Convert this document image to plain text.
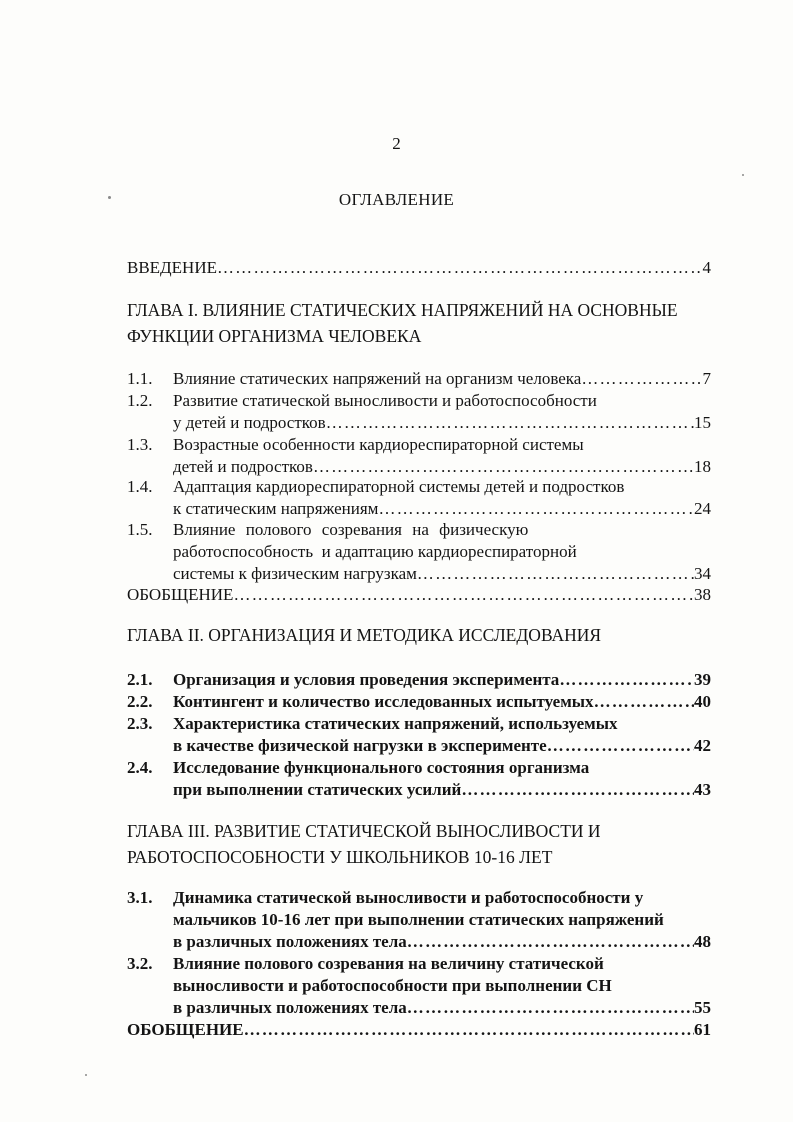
2
ОГЛАВЛЕНИЕ
ВВЕДЕНИЕ ……………………………………………………………………………………………………………………………………………………………………	4
ГЛАВА I. ВЛИЯНИЕ СТАТИЧЕСКИХ НАПРЯЖЕНИЙ НА ОСНОВНЫЕ
ФУНКЦИИ ОРГАНИЗМА ЧЕЛОВЕКА
1.1. Влияние статических напряжений на организм человека ……………………………………………………………………………………………………………………………………………………………………	7
1.2. Развитие статической выносливости и работоспособности
у детей и подростков ……………………………………………………………………………………………………………………………………………………………………	15
1.3. Возрастные особенности кардиореспираторной системы
детей и подростков ……………………………………………………………………………………………………………………………………………………………………	18
1.4. Адаптация кардиореспираторной системы детей и подростков
к статическим напряжениям ……………………………………………………………………………………………………………………………………………………………………	24
1.5. Влияние полового созревания на физическую
работоспособность  и адаптацию кардиореспираторной
системы к физическим нагрузкам ……………………………………………………………………………………………………………………………………………………………………	34
ОБОБЩЕНИЕ ……………………………………………………………………………………………………………………………………………………………………	38
ГЛАВА II. ОРГАНИЗАЦИЯ И МЕТОДИКА ИССЛЕДОВАНИЯ
2.1. Организация и условия проведения эксперимента ……………………………………………………………………………………………………………………………………………………………………	39
2.2. Контингент и количество исследованных испытуемых ……………………………………………………………………………………………………………………………………………………………………	40
2.3. Характеристика статических напряжений, используемых
в качестве физической нагрузки в эксперименте ……………………………………………………………………………………………………………………………………………………………………	42
2.4. Исследование функционального состояния организма
при выполнении статических усилий ……………………………………………………………………………………………………………………………………………………………………	43
ГЛАВА III. РАЗВИТИЕ СТАТИЧЕСКОЙ ВЫНОСЛИВОСТИ И
РАБОТОСПОСОБНОСТИ У ШКОЛЬНИКОВ 10-16 ЛЕТ
3.1. Динамика статической выносливости и работоспособности у
мальчиков 10-16 лет при выполнении статических напряжений
в различных положениях тела ……………………………………………………………………………………………………………………………………………………………………	48
3.2. Влияние полового созревания на величину статической
выносливости и работоспособности при выполнении СН
в различных положениях тела ……………………………………………………………………………………………………………………………………………………………………	55
ОБОБЩЕНИЕ ……………………………………………………………………………………………………………………………………………………………………	61
